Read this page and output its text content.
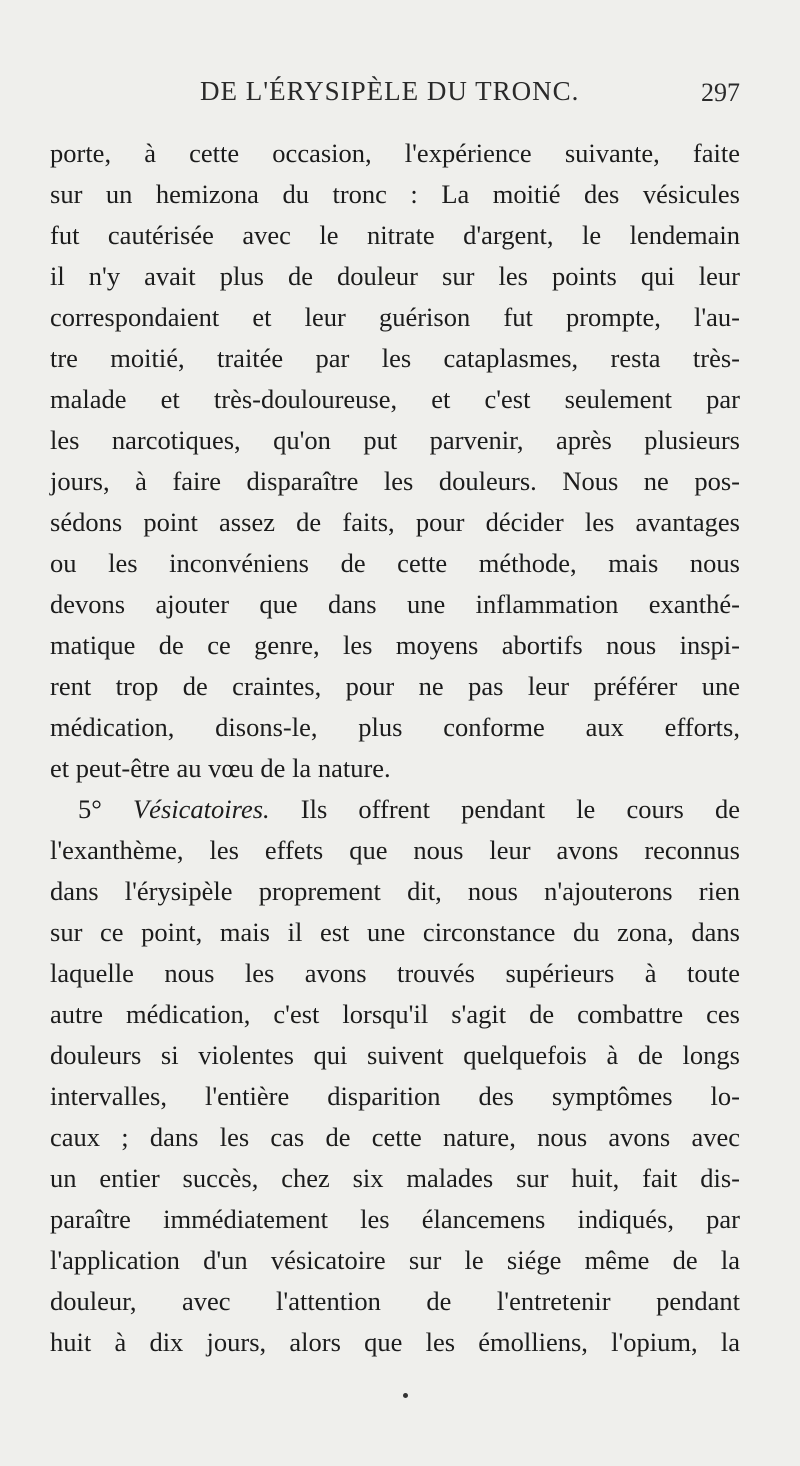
DE L'ÉRYSIPÈLE DU TRONC.	297
porte, à cette occasion, l'expérience suivante, faite
sur un hemizona du tronc : La moitié des vésicules
fut cautérisée avec le nitrate d'argent, le lendemain
il n'y avait plus de douleur sur les points qui leur
correspondaient et leur guérison fut prompte, l'au-
tre moitié, traitée par les cataplasmes, resta très-
malade et très-douloureuse, et c'est seulement par
les narcotiques, qu'on put parvenir, après plusieurs
jours, à faire disparaître les douleurs. Nous ne pos-
sédons point assez de faits, pour décider les avantages
ou les inconvéniens de cette méthode, mais nous
devons ajouter que dans une inflammation exanthé-
matique de ce genre, les moyens abortifs nous inspi-
rent trop de craintes, pour ne pas leur préférer une
médication, disons-le, plus conforme aux efforts,
et peut-être au vœu de la nature.
5° Vésicatoires. Ils offrent pendant le cours de
l'exanthème, les effets que nous leur avons reconnus
dans l'érysipèle proprement dit, nous n'ajouterons rien
sur ce point, mais il est une circonstance du zona, dans
laquelle nous les avons trouvés supérieurs à toute
autre médication, c'est lorsqu'il s'agit de combattre ces
douleurs si violentes qui suivent quelquefois à de longs
intervalles, l'entière disparition des symptômes lo-
caux ; dans les cas de cette nature, nous avons avec
un entier succès, chez six malades sur huit, fait dis-
paraître immédiatement les élancemens indiqués, par
l'application d'un vésicatoire sur le siége même de la
douleur, avec l'attention de l'entretenir pendant
huit à dix jours, alors que les émolliens, l'opium, la
